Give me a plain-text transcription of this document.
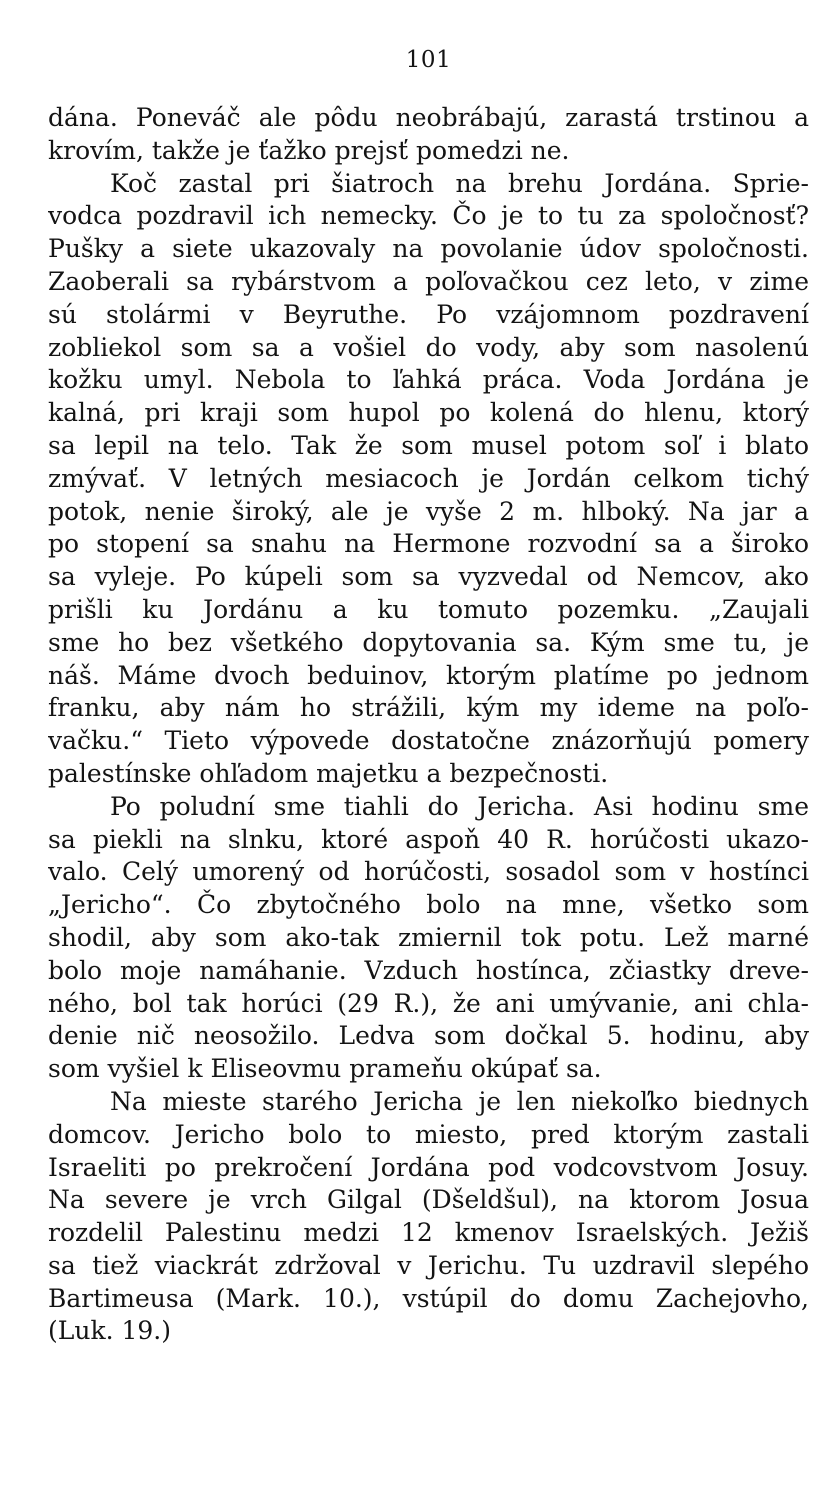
101
dána. Poneváč ale pôdu neobrábajú, zarastá trstinou a
krovím, takže je ťažko prejsť pomedzi ne.
Koč zastal pri šiatroch na brehu Jordána. Sprie-
vodca pozdravil ich nemecky. Čo je to tu za spoločnosť?
Pušky a siete ukazovaly na povolanie údov spoločnosti.
Zaoberali sa rybárstvom a poľovačkou cez leto, v zime
sú stolármi v Beyruthe. Po vzájomnom pozdravení
zobliekol som sa a vošiel do vody, aby som nasolenú
kožku umyl. Nebola to ľahká práca. Voda Jordána je
kalná, pri kraji som hupol po kolená do hlenu, ktorý
sa lepil na telo. Tak že som musel potom soľ i blato
zmývať. V letných mesiacoch je Jordán celkom tichý
potok, nenie široký, ale je vyše 2 m. hlboký. Na jar a
po stopení sa snahu na Hermone rozvodní sa a široko
sa vyleje. Po kúpeli som sa vyzvedal od Nemcov, ako
prišli ku Jordánu a ku tomuto pozemku. „Zaujali
sme ho bez všetkého dopytovania sa. Kým sme tu, je
náš. Máme dvoch beduinov, ktorým platíme po jednom
franku, aby nám ho strážili, kým my ideme na poľo-
vačku.“ Tieto výpovede dostatočne znázorňujú pomery
palestínske ohľadom majetku a bezpečnosti.
Po poludní sme tiahli do Jericha. Asi hodinu sme
sa piekli na slnku, ktoré aspoň 40 R. horúčosti ukazo-
valo. Celý umorený od horúčosti, sosadol som v hostínci
„Jericho“. Čo zbytočného bolo na mne, všetko som
shodil, aby som ako-tak zmiernil tok potu. Lež marné
bolo moje namáhanie. Vzduch hostínca, zčiastky dreve-
ného, bol tak horúci (29 R.), že ani umývanie, ani chla-
denie nič neosožilo. Ledva som dočkal 5. hodinu, aby
som vyšiel k Eliseovmu prameňu okúpať sa.
Na mieste starého Jericha je len niekoľko biednych
domcov. Jericho bolo to miesto, pred ktorým zastali
Israeliti po prekročení Jordána pod vodcovstvom Josuy.
Na severe je vrch Gilgal (Dšeldšul), na ktorom Josua
rozdelil Palestinu medzi 12 kmenov Israelských. Ježiš
sa tiež viackrát zdržoval v Jerichu. Tu uzdravil slepého
Bartimeusa (Mark. 10.), vstúpil do domu Zachejovho,
(Luk. 19.)
